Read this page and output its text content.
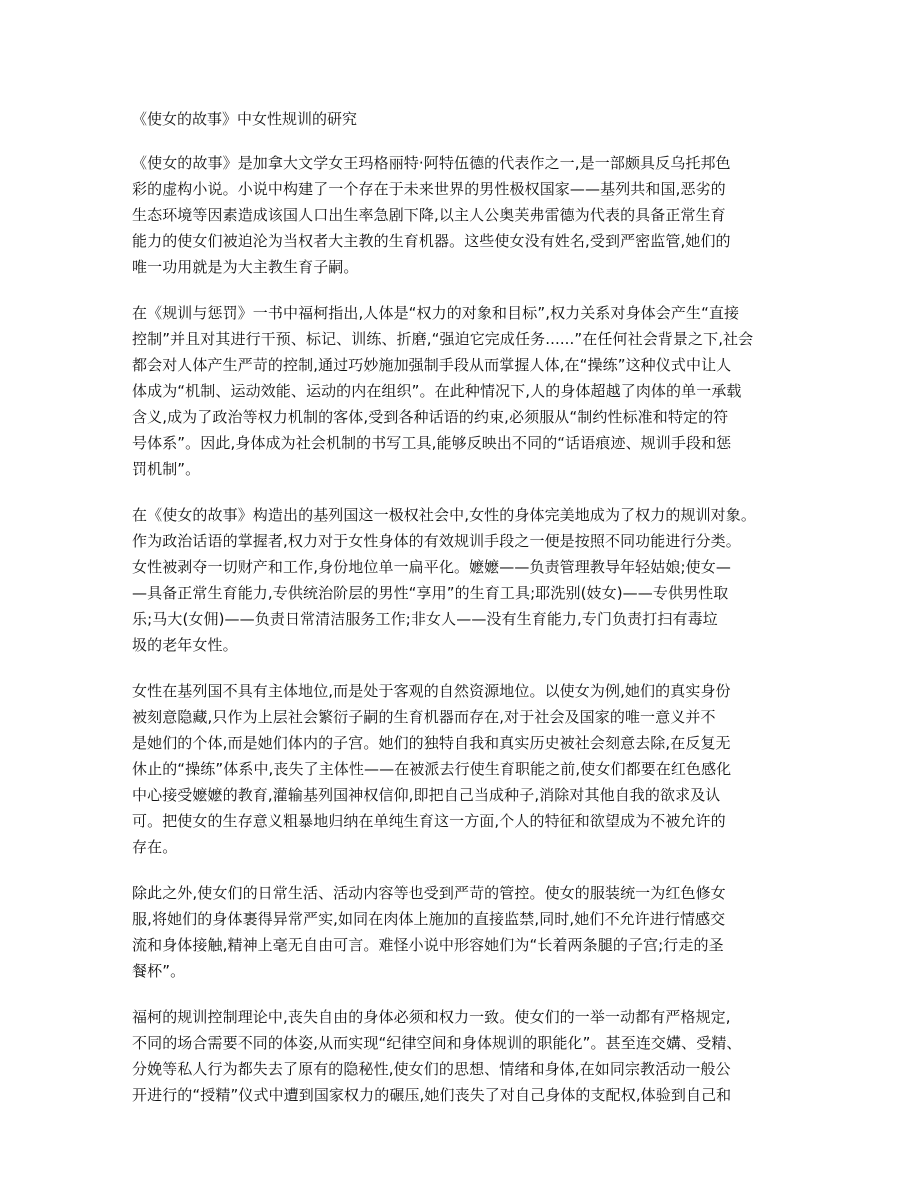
《使女的故事》中女性规训的研究
《使女的故事》是加拿大文学女王玛格丽特·阿特伍德的代表作之一,是一部颇具反乌托邦色
彩的虚构小说。小说中构建了一个存在于未来世界的男性极权国家——基列共和国,恶劣的
生态环境等因素造成该国人口出生率急剧下降,以主人公奥芙弗雷德为代表的具备正常生育
能力的使女们被迫沦为当权者大主教的生育机器。这些使女没有姓名,受到严密监管,她们的
唯一功用就是为大主教生育子嗣。
在《规训与惩罚》一书中福柯指出,人体是“权力的对象和目标”,权力关系对身体会产生“直接
控制”并且对其进行干预、标记、训练、折磨,“强迫它完成任务......”在任何社会背景之下,社会
都会对人体产生严苛的控制,通过巧妙施加强制手段从而掌握人体,在“操练”这种仪式中让人
体成为“机制、运动效能、运动的内在组织”。在此种情况下,人的身体超越了肉体的单一承载
含义,成为了政治等权力机制的客体,受到各种话语的约束,必须服从“制约性标准和特定的符
号体系”。因此,身体成为社会机制的书写工具,能够反映出不同的“话语痕迹、规训手段和惩
罚机制”。
在《使女的故事》构造出的基列国这一极权社会中,女性的身体完美地成为了权力的规训对象。
作为政治话语的掌握者,权力对于女性身体的有效规训手段之一便是按照不同功能进行分类。
女性被剥夺一切财产和工作,身份地位单一扁平化。嬷嬷——负责管理教导年轻姑娘;使女—
—具备正常生育能力,专供统治阶层的男性“享用”的生育工具;耶洗别(妓女)——专供男性取
乐;马大(女佣)——负责日常清洁服务工作;非女人——没有生育能力,专门负责打扫有毒垃
圾的老年女性。
女性在基列国不具有主体地位,而是处于客观的自然资源地位。以使女为例,她们的真实身份
被刻意隐藏,只作为上层社会繁衍子嗣的生育机器而存在,对于社会及国家的唯一意义并不
是她们的个体,而是她们体内的子宫。她们的独特自我和真实历史被社会刻意去除,在反复无
休止的“操练”体系中,丧失了主体性——在被派去行使生育职能之前,使女们都要在红色感化
中心接受嬷嬷的教育,灌输基列国神权信仰,即把自己当成种子,消除对其他自我的欲求及认
可。把使女的生存意义粗暴地归纳在单纯生育这一方面,个人的特征和欲望成为不被允许的
存在。
除此之外,使女们的日常生活、活动内容等也受到严苛的管控。使女的服装统一为红色修女
服,将她们的身体裹得异常严实,如同在肉体上施加的直接监禁,同时,她们不允许进行情感交
流和身体接触,精神上毫无自由可言。难怪小说中形容她们为“长着两条腿的子宫;行走的圣
餐杯”。
福柯的规训控制理论中,丧失自由的身体必须和权力一致。使女们的一举一动都有严格规定,
不同的场合需要不同的体姿,从而实现“纪律空间和身体规训的职能化”。甚至连交媾、受精、
分娩等私人行为都失去了原有的隐秘性,使女们的思想、情绪和身体,在如同宗教活动一般公
开进行的“授精”仪式中遭到国家权力的碾压,她们丧失了对自己身体的支配权,体验到自己和
